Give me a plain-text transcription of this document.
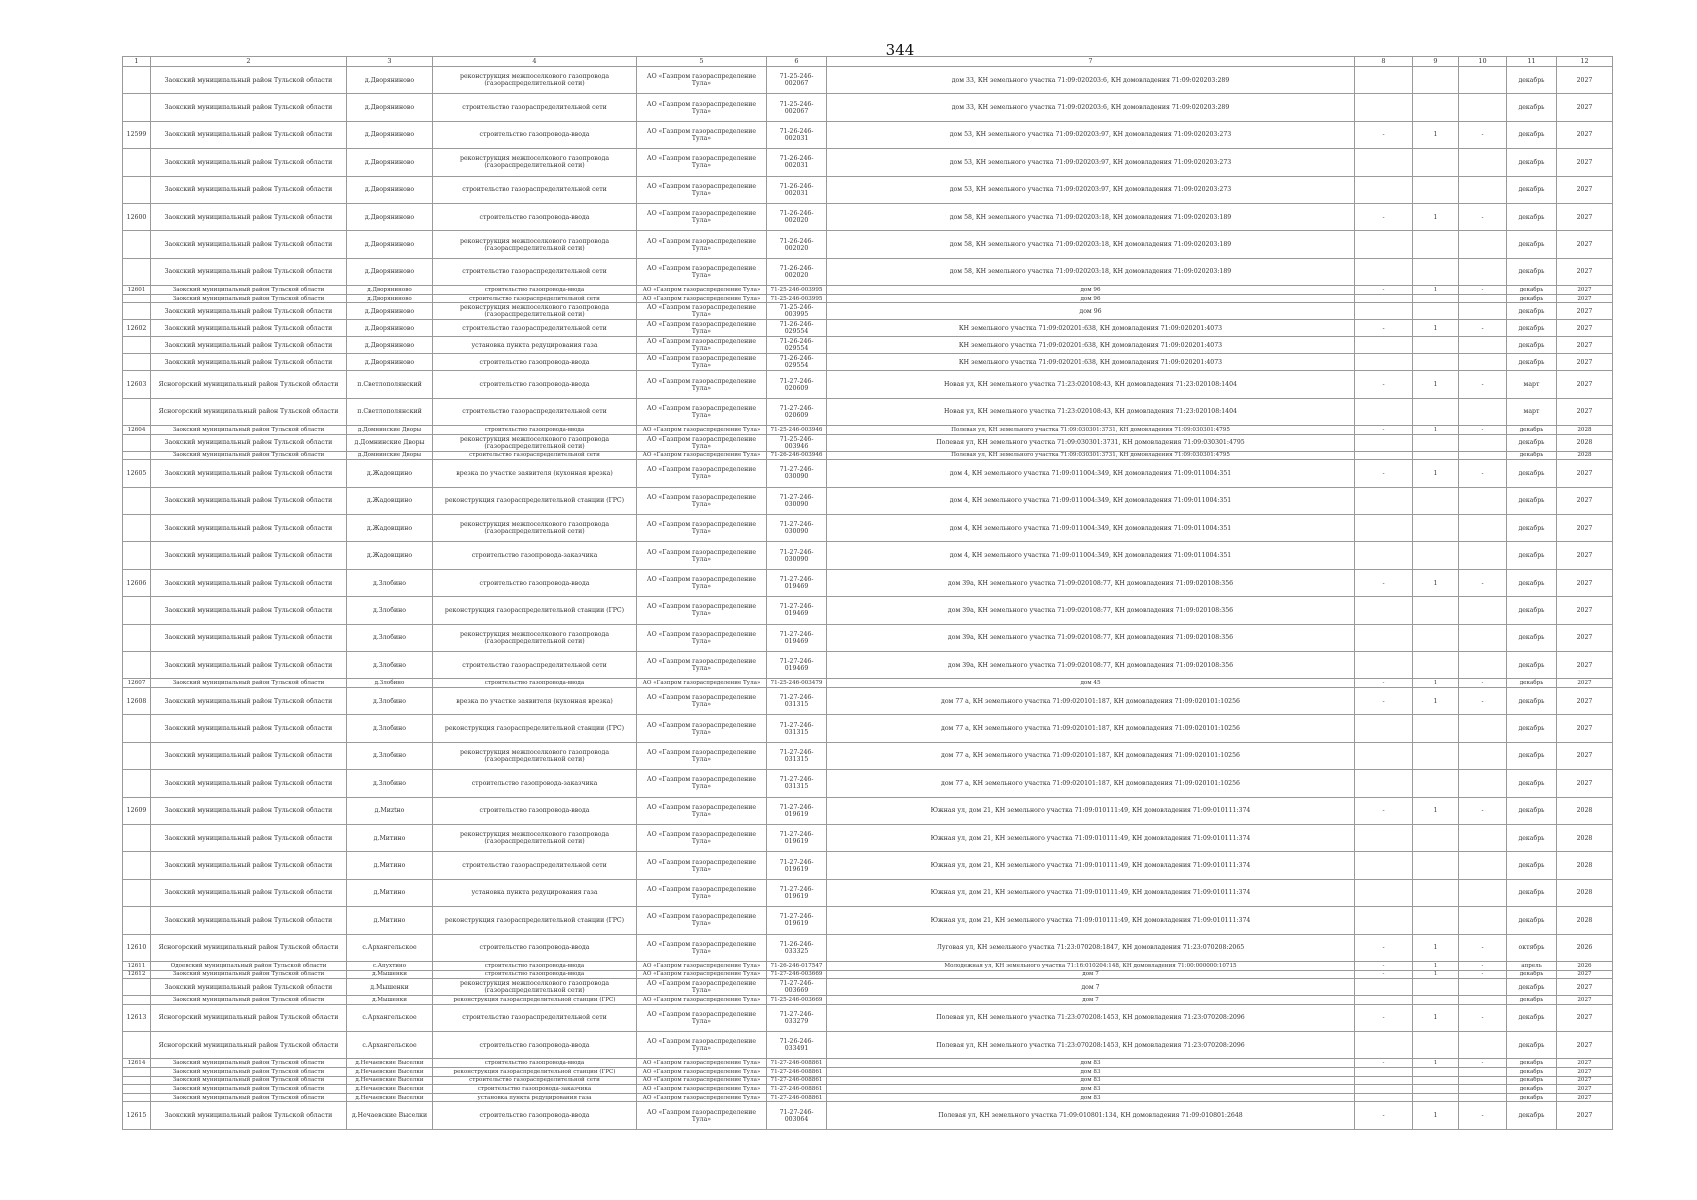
344
1	2	3	4	5	6	7	8	9	10	11	12
	Заокский муниципальный район Тульской области	д.Дворяниново	реконструкция межпоселкового газопровода (газораспределительной сети)	АО «Газпром газораспределение Тула»	71-25-246-002067	дом 33, КН земельного участка 71:09:020203:6, КН домовладения 71:09:020203:289				декабрь	2027
	Заокский муниципальный район Тульской области	д.Дворяниново	строительство газораспределительной сети	АО «Газпром газораспределение Тула»	71-25-246-002067	дом 33, КН земельного участка 71:09:020203:6, КН домовладения 71:09:020203:289				декабрь	2027
12599	Заокский муниципальный район Тульской области	д.Дворяниново	строительство газопровода-ввода	АО «Газпром газораспределение Тула»	71-26-246-002031	дом 53, КН земельного участка 71:09:020203:97, КН домовладения 71:09:020203:273	-	1	-	декабрь	2027
	Заокский муниципальный район Тульской области	д.Дворяниново	реконструкция межпоселкового газопровода (газораспределительной сети)	АО «Газпром газораспределение Тула»	71-26-246-002031	дом 53, КН земельного участка 71:09:020203:97, КН домовладения 71:09:020203:273				декабрь	2027
	Заокский муниципальный район Тульской области	д.Дворяниново	строительство газораспределительной сети	АО «Газпром газораспределение Тула»	71-26-246-002031	дом 53, КН земельного участка 71:09:020203:97, КН домовладения 71:09:020203:273				декабрь	2027
12600	Заокский муниципальный район Тульской области	д.Дворяниново	строительство газопровода-ввода	АО «Газпром газораспределение Тула»	71-26-246-002020	дом 58, КН земельного участка 71:09:020203:18, КН домовладения 71:09:020203:189	-	1	-	декабрь	2027
	Заокский муниципальный район Тульской области	д.Дворяниново	реконструкция межпоселкового газопровода (газораспределительной сети)	АО «Газпром газораспределение Тула»	71-26-246-002020	дом 58, КН земельного участка 71:09:020203:18, КН домовладения 71:09:020203:189				декабрь	2027
	Заокский муниципальный район Тульской области	д.Дворяниново	строительство газораспределительной сети	АО «Газпром газораспределение Тула»	71-26-246-002020	дом 58, КН земельного участка 71:09:020203:18, КН домовладения 71:09:020203:189				декабрь	2027
12601	Заокский муниципальный район Тульской области	д.Дворяниново	строительство газопровода-ввода	АО «Газпром газораспределение Тула»	71-25-246-003995	дом 96	-	1	-	декабрь	2027
	Заокский муниципальный район Тульской области	д.Дворяниново	строительство газораспределительной сети	АО «Газпром газораспределение Тула»	71-25-246-003995	дом 96				декабрь	2027
	Заокский муниципальный район Тульской области	д.Дворяниново	реконструкция межпоселкового газопровода (газораспределительной сети)	АО «Газпром газораспределение Тула»	71-25-246-003995	дом 96				декабрь	2027
12602	Заокский муниципальный район Тульской области	д.Дворяниново	строительство газораспределительной сети	АО «Газпром газораспределение Тула»	71-26-246-029554	КН земельного участка 71:09:020201:638, КН домовладения 71:09:020201:4073	-	1	-	декабрь	2027
	Заокский муниципальный район Тульской области	д.Дворяниново	установка пункта редуцирования газа	АО «Газпром газораспределение Тула»	71-26-246-029554	КН земельного участка 71:09:020201:638, КН домовладения 71:09:020201:4073				декабрь	2027
	Заокский муниципальный район Тульской области	д.Дворяниново	строительство газопровода-ввода	АО «Газпром газораспределение Тула»	71-26-246-029554	КН земельного участка 71:09:020201:638, КН домовладения 71:09:020201:4073				декабрь	2027
12603	Ясногорский муниципальный район Тульской области	п.Светлополянский	строительство газопровода-ввода	АО «Газпром газораспределение Тула»	71-27-246-020609	Новая ул, КН земельного участка 71:23:020108:43, КН домовладения 71:23:020108:1404	-	1	-	март	2027
	Ясногорский муниципальный район Тульской области	п.Светлополянский	строительство газораспределительной сети	АО «Газпром газораспределение Тула»	71-27-246-020609	Новая ул, КН земельного участка 71:23:020108:43, КН домовладения 71:23:020108:1404				март	2027
12604	Заокский муниципальный район Тульской области	д.Домнинские Дворы	строительство газопровода-ввода	АО «Газпром газораспределение Тула»	71-25-246-003946	Полевая ул, КН земельного участка 71:09:030301:3731, КН домовладения 71:09:030301:4795	-	1	-	декабрь	2028
	Заокский муниципальный район Тульской области	д.Домнинские Дворы	реконструкция межпоселкового газопровода (газораспределительной сети)	АО «Газпром газораспределение Тула»	71-25-246-003946	Полевая ул, КН земельного участка 71:09:030301:3731, КН домовладения 71:09:030301:4795				декабрь	2028
	Заокский муниципальный район Тульской области	д.Домнинские Дворы	строительство газораспределительной сети	АО «Газпром газораспределение Тула»	71-26-246-003946	Полевая ул, КН земельного участка 71:09:030301:3731, КН домовладения 71:09:030301:4795				декабрь	2028
12605	Заокский муниципальный район Тульской области	д.Жадовщино	врезка по участке заявителя (кухонная врезка)	АО «Газпром газораспределение Тула»	71-27-246-030090	дом 4, КН земельного участка 71:09:011004:349, КН домовладения 71:09:011004:351	-	1	-	декабрь	2027
	Заокский муниципальный район Тульской области	д.Жадовщино	реконструкция газораспределительной станции (ГРС)	АО «Газпром газораспределение Тула»	71-27-246-030090	дом 4, КН земельного участка 71:09:011004:349, КН домовладения 71:09:011004:351				декабрь	2027
	Заокский муниципальный район Тульской области	д.Жадовщино	реконструкция межпоселкового газопровода (газораспределительной сети)	АО «Газпром газораспределение Тула»	71-27-246-030090	дом 4, КН земельного участка 71:09:011004:349, КН домовладения 71:09:011004:351				декабрь	2027
	Заокский муниципальный район Тульской области	д.Жадовщино	строительство газопровода-заказчика	АО «Газпром газораспределение Тула»	71-27-246-030090	дом 4, КН земельного участка 71:09:011004:349, КН домовладения 71:09:011004:351				декабрь	2027
12606	Заокский муниципальный район Тульской области	д.Злобино	строительство газопровода-ввода	АО «Газпром газораспределение Тула»	71-27-246-019469	дом 39а, КН земельного участка 71:09:020108:77, КН домовладения 71:09:020108:356	-	1	-	декабрь	2027
	Заокский муниципальный район Тульской области	д.Злобино	реконструкция газораспределительной станции (ГРС)	АО «Газпром газораспределение Тула»	71-27-246-019469	дом 39а, КН земельного участка 71:09:020108:77, КН домовладения 71:09:020108:356				декабрь	2027
	Заокский муниципальный район Тульской области	д.Злобино	реконструкция межпоселкового газопровода (газораспределительной сети)	АО «Газпром газораспределение Тула»	71-27-246-019469	дом 39а, КН земельного участка 71:09:020108:77, КН домовладения 71:09:020108:356				декабрь	2027
	Заокский муниципальный район Тульской области	д.Злобино	строительство газораспределительной сети	АО «Газпром газораспределение Тула»	71-27-246-019469	дом 39а, КН земельного участка 71:09:020108:77, КН домовладения 71:09:020108:356				декабрь	2027
12607	Заокский муниципальный район Тульской области	д.Злобино	строительство газопровода-ввода	АО «Газпром газораспределение Тула»	71-25-246-003479	дом 45	-	1	-	декабрь	2027
12608	Заокский муниципальный район Тульской области	д.Злобино	врезка по участке заявителя (кухонная врезка)	АО «Газпром газораспределение Тула»	71-27-246-031315	дом 77 а, КН земельного участка 71:09:020101:187, КН домовладения 71:09:020101:10256	-	1	-	декабрь	2027
	Заокский муниципальный район Тульской области	д.Злобино	реконструкция газораспределительной станции (ГРС)	АО «Газпром газораспределение Тула»	71-27-246-031315	дом 77 а, КН земельного участка 71:09:020101:187, КН домовладения 71:09:020101:10256				декабрь	2027
	Заокский муниципальный район Тульской области	д.Злобино	реконструкция межпоселкового газопровода (газораспределительной сети)	АО «Газпром газораспределение Тула»	71-27-246-031315	дом 77 а, КН земельного участка 71:09:020101:187, КН домовладения 71:09:020101:10256				декабрь	2027
	Заокский муниципальный район Тульской области	д.Злобино	строительство газопровода-заказчика	АО «Газпром газораспределение Тула»	71-27-246-031315	дом 77 а, КН земельного участка 71:09:020101:187, КН домовладения 71:09:020101:10256				декабрь	2027
12609	Заокский муниципальный район Тульской области	д.Миztно	строительство газопровода-ввода	АО «Газпром газораспределение Тула»	71-27-246-019619	Южная ул, дом 21, КН земельного участка 71:09:010111:49, КН домовладения 71:09:010111:374	-	1	-	декабрь	2028
	Заокский муниципальный район Тульской области	д.Митино	реконструкция межпоселкового газопровода (газораспределительной сети)	АО «Газпром газораспределение Тула»	71-27-246-019619	Южная ул, дом 21, КН земельного участка 71:09:010111:49, КН домовладения 71:09:010111:374				декабрь	2028
	Заокский муниципальный район Тульской области	д.Митино	строительство газораспределительной сети	АО «Газпром газораспределение Тула»	71-27-246-019619	Южная ул, дом 21, КН земельного участка 71:09:010111:49, КН домовладения 71:09:010111:374				декабрь	2028
	Заокский муниципальный район Тульской области	д.Митино	установка пункта редуцирования газа	АО «Газпром газораспределение Тула»	71-27-246-019619	Южная ул, дом 21, КН земельного участка 71:09:010111:49, КН домовладения 71:09:010111:374				декабрь	2028
	Заокский муниципальный район Тульской области	д.Митино	реконструкция газораспределительной станции (ГРС)	АО «Газпром газораспределение Тула»	71-27-246-019619	Южная ул, дом 21, КН земельного участка 71:09:010111:49, КН домовладения 71:09:010111:374				декабрь	2028
12610	Ясногорский муниципальный район Тульской области	с.Архангельское	строительство газопровода-ввода	АО «Газпром газораспределение Тула»	71-26-246-033325	Луговая ул, КН земельного участка 71:23:070208:1847, КН домовладения 71:23:070208:2065	-	1	-	октябрь	2026
12611	Одоевский муниципальный район Тульской области	с.Апухтино	строительство газопровода-ввода	АО «Газпром газораспределение Тула»	71-26-246-017547	Молодежная ул, КН земельного участка 71:16:010204:148, КН домовладения 71:00:000000:10715	-	1	-	апрель	2026
12612	Заокский муниципальный район Тульской области	д.Мышенки	строительство газопровода-ввода	АО «Газпром газораспределение Тула»	71-27-246-003669	дом 7	-	1	-	декабрь	2027
	Заокский муниципальный район Тульской области	д.Мышенки	реконструкция межпоселкового газопровода (газораспределительной сети)	АО «Газпром газораспределение Тула»	71-27-246-003669	дом 7				декабрь	2027
	Заокский муниципальный район Тульской области	д.Мышенки	реконструкция газораспределительной станции (ГРС)	АО «Газпром газораспределение Тула»	71-25-246-003669	дом 7				декабрь	2027
12613	Ясногорский муниципальный район Тульской области	с.Архангельское	строительство газораспределительной сети	АО «Газпром газораспределение Тула»	71-27-246-033279	Полевая ул, КН земельного участка 71:23:070208:1453, КН домовладения 71:23:070208:2096	-	1	-	декабрь	2027
	Ясногорский муниципальный район Тульской области	с.Архангельское	строительство газопровода-ввода	АО «Газпром газораспределение Тула»	71-26-246-033491	Полевая ул, КН земельного участка 71:23:070208:1453, КН домовладения 71:23:070208:2096				декабрь	2027
12614	Заокский муниципальный район Тульской области	д.Нечаевские Выселки	строительство газопровода-ввода	АО «Газпром газораспределение Тула»	71-27-246-008861	дом 83	-	1	-	декабрь	2027
	Заокский муниципальный район Тульской области	д.Нечаевские Выселки	реконструкция газораспределительной станции (ГРС)	АО «Газпром газораспределение Тула»	71-27-246-008861	дом 83				декабрь	2027
	Заокский муниципальный район Тульской области	д.Нечаевские Выселки	строительство газораспределительной сети	АО «Газпром газораспределение Тула»	71-27-246-008861	дом 83				декабрь	2027
	Заокский муниципальный район Тульской области	д.Нечаевские Выселки	строительство газопровода-заказчика	АО «Газпром газораспределение Тула»	71-27-246-008861	дом 83				декабрь	2027
	Заокский муниципальный район Тульской области	д.Нечаевские Выселки	установка пункта редуцирования газа	АО «Газпром газораспределение Тула»	71-27-246-008861	дом 83				декабрь	2027
12615	Заокский муниципальный район Тульской области	д.Нечаевские Выселки	строительство газопровода-ввода	АО «Газпром газораспределение Тула»	71-27-246-003064	Полевая ул, КН земельного участка 71:09:010801:134, КН домовладения 71:09:010801:2648	-	1	-	декабрь	2027
